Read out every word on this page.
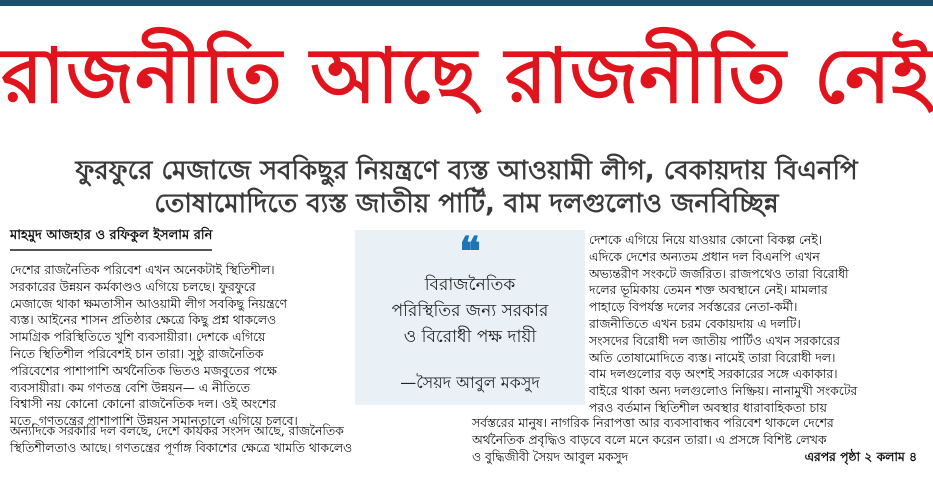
রাজনীতি আছে রাজনীতি নেই
ফুরফুরে মেজাজে সবকিছুর নিয়ন্ত্রণে ব্যস্ত আওয়ামী লীগ, বেকায়দায় বিএনপি
তোষামোদিতে ব্যস্ত জাতীয় পার্টি, বাম দলগুলোও জনবিচ্ছিন্ন
মাহমুদ আজহার ও রফিকুল ইসলাম রনি

দেশের রাজনৈতিক পরিবেশ এখন অনেকটাই স্থিতিশীল।

সরকারের উন্নয়ন কর্মকাণ্ডও এগিয়ে চলছে। ফুরফুরে

মেজাজে থাকা ক্ষমতাসীন আওয়ামী লীগ সবকিছু নিয়ন্ত্রণে

ব্যস্ত। আইনের শাসন প্রতিষ্ঠার ক্ষেত্রে কিছু প্রশ্ন থাকলেও

সামগ্রিক পরিস্থিতিতে খুশি ব্যবসায়ীরা। দেশকে এগিয়ে

নিতে স্থিতিশীল পরিবেশই চান তারা। সুষ্ঠু রাজনৈতিক

পরিবেশের পাশাপাশি অর্থনৈতিক ভিতও মজবুতের পক্ষে

ব্যবসায়ীরা। কম গণতন্ত্র বেশি উন্নয়ন— এ নীতিতে

বিশ্বাসী নয় কোনো কোনো রাজনৈতিক দল। ওই অংশের

মতে, গণতন্ত্রের পাশাপাশি উন্নয়ন সমানতালে এগিয়ে চলবে।

❝

বিরাজনৈতিক

পরিস্থিতির জন্য সরকার

ও বিরোধী পক্ষ দায়ী

—সৈয়দ আবুল মকসুদ

দেশকে এগিয়ে নিয়ে যাওয়ার কোনো বিকল্প নেই।

এদিকে দেশের অন্যতম প্রধান দল বিএনপি এখন

অভ্যন্তরীণ সংকটে জর্জরিত। রাজপথেও তারা বিরোধী

দলের ভূমিকায় তেমন শক্ত অবস্থানে নেই। মামলার

পাহাড়ে বিপর্যস্ত দলের সর্বস্তরের নেতা-কর্মী।

রাজনীতিতে এখন চরম বেকায়দায় এ দলটি।

সংসদের বিরোধী দল জাতীয় পার্টিও এখন সরকারের

অতি তোষামোদিতে ব্যস্ত। নামেই তারা বিরোধী দল।

বাম দলগুলোর বড় অংশই সরকারের সঙ্গে একাকার।

বাইরে থাকা অন্য দলগুলোও নিষ্ক্রিয়। নানামুখী সংকটের

পরও বর্তমান স্থিতিশীল অবস্থার ধারাবাহিকতা চায়

অন্যদিকে সরকারি দল বলছে, দেশে কার্যকর সংসদ আছে, রাজনৈতিক

স্থিতিশীলতাও আছে। গণতন্ত্রের পূর্ণাঙ্গ বিকাশের ক্ষেত্রে খামতি থাকলেও

সর্বস্তরের মানুষ। নাগরিক নিরাপত্তা আর ব্যবসাবান্ধব পরিবেশ থাকলে দেশের

অর্থনৈতিক প্রবৃদ্ধিও বাড়বে বলে মনে করেন তারা। এ প্রসঙ্গে বিশিষ্ট লেখক

ও বুদ্ধিজীবী সৈয়দ আবুল মকসুদ	এরপর পৃষ্ঠা ২ কলাম ৪
